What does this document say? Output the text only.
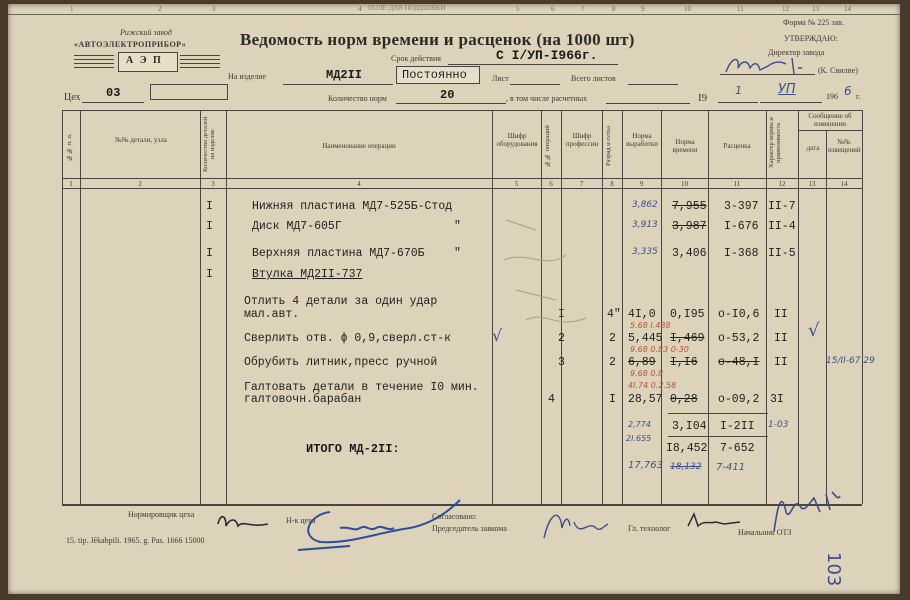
ПОЛЕ ДЛЯ ПОДШИВКИ
1	2	3	4	5	6	7	8	9	10	11	12	13	14
Рижский завод
«АВТОЭЛЕКТРОПРИБОР»
А Э П
Форма № 225 зав.
Ведомость норм времени и расценок (на 1000 шт)
Срок действия	С I/УП-I966г.
УТВЕРЖДАЮ:
Директор завода
(К. Свилпе)
На изделие	МД2II	Постоянно	Лист	Всего листов
I9
1	УП	196 6 г.
Цех 03	Количество норм	20	, в том числе расчетных
№№ п. п.	№№ детали, узла	Количество деталей на изделие	Наименование операции
Шифр оборудования №№ операций	Шифр профессии Разряд и сетка	Норма выработки	Норма времени	Расценка	Характер нормы и применимость
Сообщение об изменении
дата
№№ извещений
1	2	3	4	5	6	7	8	9	10	11	12	13	14
I	Нижняя пластина МД7-525Б-Стод	3,862 7,955 3-397 II-7
I	Диск МД7-605Г	"	3,913 3,987 I-676 II-4
I	Верхняя пластина МД7-670Б	"	3,335 3,406 I-368 II-5
I	Втулка МД2II-737
Отлить 4 детали за один удар
мал.авт.	I	4" 4I,0 0,I95 o-I0,6 II
5.68 I.488
Сверлить отв. ϕ 0,9,сверл.ст-к	√	2	2 5,445 I,469 o-53,2 II √
9.68 0.83 0-30
Обрубить литник,пресс ручной	3	2 6,89 I,I6 o-48,I II	15/II-67 29
9.68 0.8
Галтовать детали в течение I0 мин.
галтовочн.барабан	4	I 28,57 0,28 o-09,2 3I
4I.74 0.2.58
2,774 3,I04 I-2II 1-03
2I.655
ИТОГО МД-2II:	I8,452 7-652
17,763 18,132 7-411
Нормировщик цеха
Н-к цеха	Согласовано:
Председатель завкома	Гл. технолог	Начальник ОТЗ
15. tip. Jēkabpili. 1965. g. Pas. 1666 15000
103
